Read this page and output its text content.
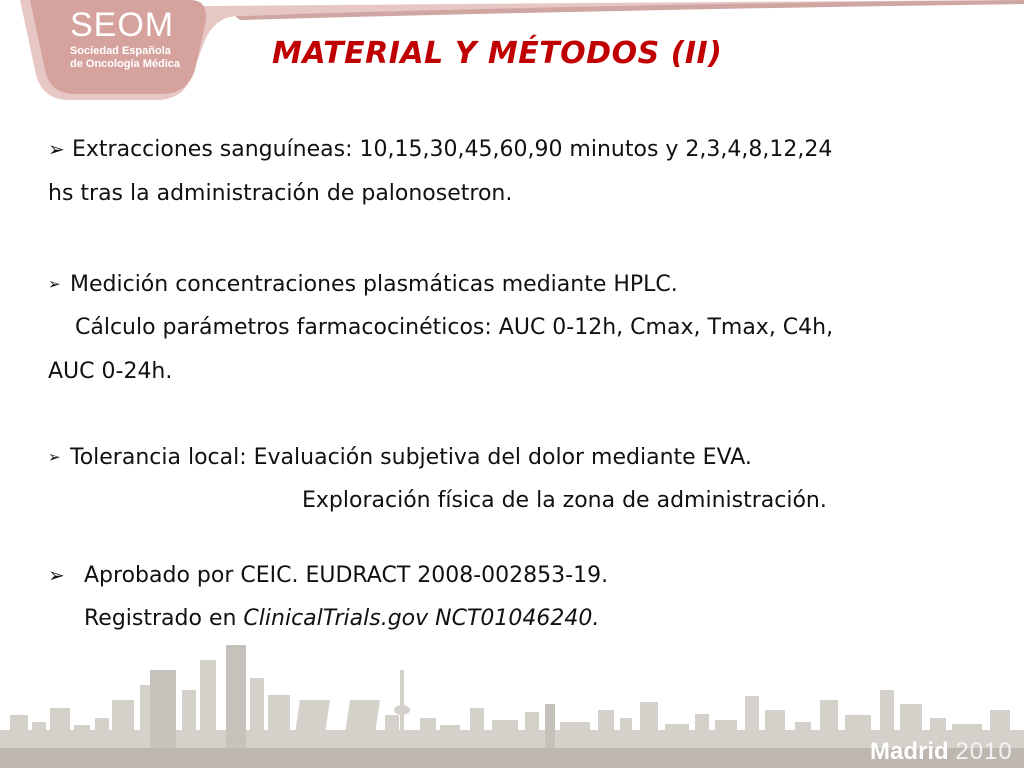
SEOM
Sociedad Española
de Oncología Médica	MATERIAL Y MÉTODOS (II)
➢ Extracciones sanguíneas: 10,15,30,45,60,90 minutos y 2,3,4,8,12,24
hs tras la administración de palonosetron.
➢ Medición concentraciones plasmáticas mediante HPLC.
Cálculo parámetros farmacocinéticos: AUC 0-12h, Cmax, Tmax, C4h,
AUC 0-24h.
➢ Tolerancia local: Evaluación subjetiva del dolor mediante EVA.
Exploración física de la zona de administración.
➢ Aprobado por CEIC. EUDRACT 2008-002853-19.
Registrado en ClinicalTrials.gov NCT01046240.
Madrid 2010
